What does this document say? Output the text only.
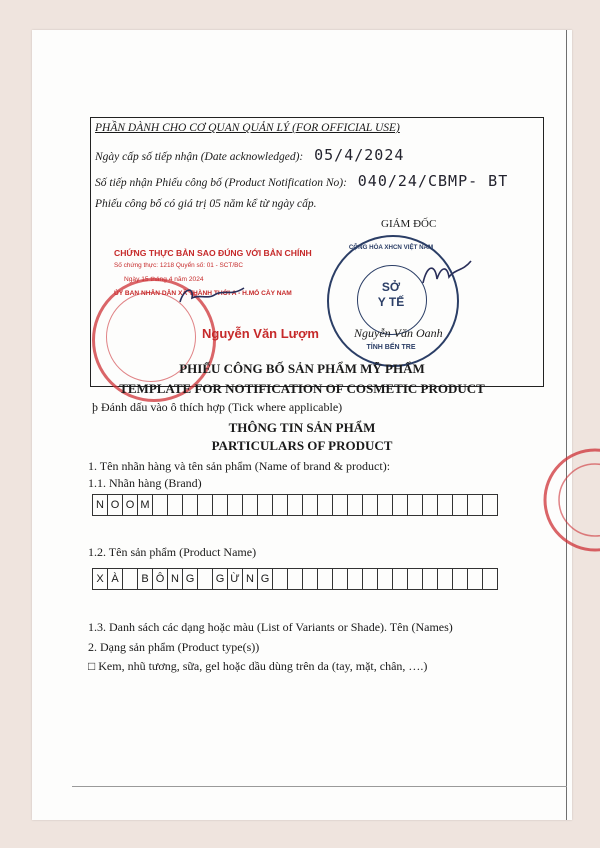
PHẦN DÀNH CHO CƠ QUAN QUẢN LÝ (FOR OFFICIAL USE)
Ngày cấp số tiếp nhận (Date acknowledged): 05/4/2024
Số tiếp nhận Phiếu công bố (Product Notification No): 040/24/CBMP- BT
Phiếu công bố có giá trị 05 năm kể từ ngày cấp.
GIÁM ĐỐC
CHỨNG THỰC BẢN SAO ĐÚNG VỚI BẢN CHÍNH
Số chứng thực: 1218 Quyển số: 01 - SCT/BC
Ngày 15 tháng 4 năm 2024
ỦY BAN NHÂN DÂN XÃ THÀNH THỚI A - H.MỎ CÀY NAM	SỞ
Y TẾ
CỘNG HÒA XHCN VIỆT NAM
TỈNH BẾN TRE
Nguyễn Văn Lượm	Nguyễn Văn Oanh
PHIẾU CÔNG BỐ SẢN PHẨM MỸ PHẨM
TEMPLATE FOR NOTIFICATION OF COSMETIC PRODUCT
þ Đánh dấu vào ô thích hợp (Tick where applicable)
THÔNG TIN SẢN PHẨM
PARTICULARS OF PRODUCT
1. Tên nhãn hàng và tên sản phẩm (Name of brand & product):
1.1. Nhãn hàng (Brand)
N O O M
1.2. Tên sản phẩm (Product Name)
X À	B Ô N G	G Ừ N G
1.3. Danh sách các dạng hoặc màu (List of Variants or Shade). Tên (Names)
2. Dạng sản phẩm (Product type(s))
□ Kem, nhũ tương, sữa, gel hoặc dầu dùng trên da (tay, mặt, chân, ….)
